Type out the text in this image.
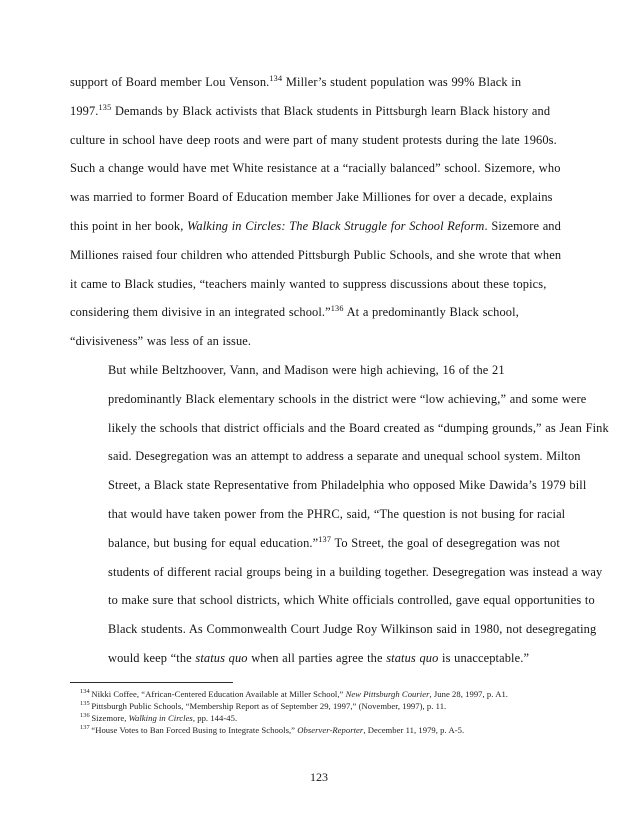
support of Board member Lou Venson.$^{134}$ Miller’s student population was 99% Black in
1997.$^{135}$ Demands by Black activists that Black students in Pittsburgh learn Black history and
culture in school have deep roots and were part of many student protests during the late 1960s.
Such a change would have met White resistance at a “racially balanced” school. Sizemore, who
was married to former Board of Education member Jake Milliones for over a decade, explains
this point in her book, Walking in Circles: The Black Struggle for School Reform. Sizemore and
Milliones raised four children who attended Pittsburgh Public Schools, and she wrote that when
it came to Black studies, “teachers mainly wanted to suppress discussions about these topics,
considering them divisive in an integrated school.”$^{136}$ At a predominantly Black school,
“divisiveness” was less of an issue.

But while Beltzhoover, Vann, and Madison were high achieving, 16 of the 21
predominantly Black elementary schools in the district were “low achieving,” and some were
likely the schools that district officials and the Board created as “dumping grounds,” as Jean Fink
said. Desegregation was an attempt to address a separate and unequal school system. Milton
Street, a Black state Representative from Philadelphia who opposed Mike Dawida’s 1979 bill
that would have taken power from the PHRC, said, “The question is not busing for racial
balance, but busing for equal education.”$^{137}$ To Street, the goal of desegregation was not
students of different racial groups being in a building together. Desegregation was instead a way
to make sure that school districts, which White officials controlled, gave equal opportunities to
Black students. As Commonwealth Court Judge Roy Wilkinson said in 1980, not desegregating
would keep “the status quo when all parties agree the status quo is unacceptable.”

$^{134}$ Nikki Coffee, “African-Centered Education Available at Miller School,” New Pittsburgh Courier, June 28, 1997, p. A1.

$^{135}$ Pittsburgh Public Schools, “Membership Report as of September 29, 1997,” (November, 1997), p. 11.

$^{136}$ Sizemore, Walking in Circles, pp. 144-45.

$^{137}$ “House Votes to Ban Forced Busing to Integrate Schools,” Observer-Reporter, December 11, 1979, p. A-5.

123
